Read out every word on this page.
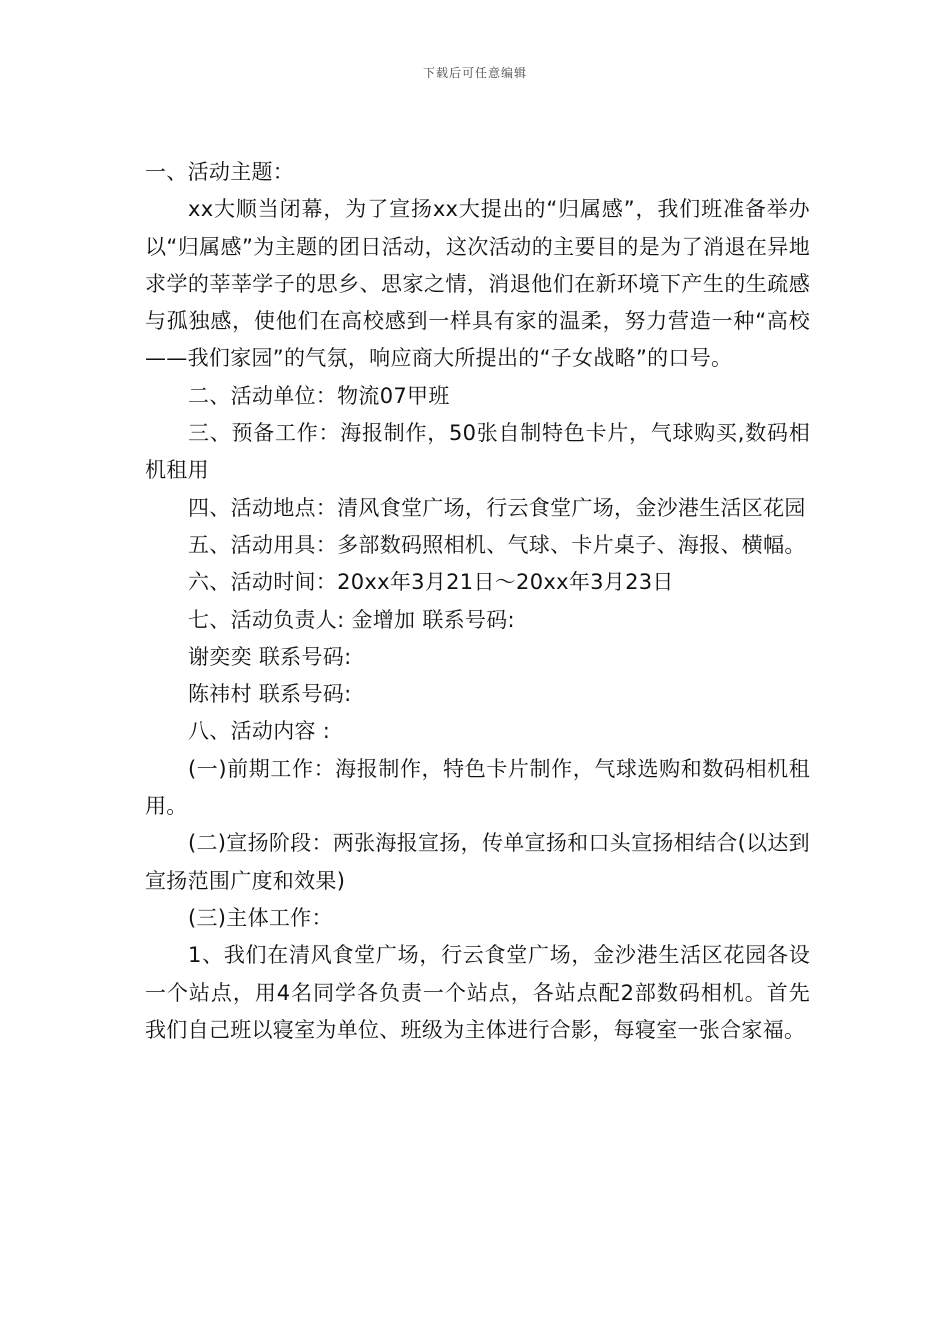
下载后可任意编辑

一、活动主题：

xx大顺当闭幕，为了宣扬xx大提出的“归属感”，我们班准备举办以“归属感”为主题的团日活动，这次活动的主要目的是为了消退在异地求学的莘莘学子的思乡、思家之情，消退他们在新环境下产生的生疏感与孤独感，使他们在高校感到一样具有家的温柔，努力营造一种“高校——我们家园”的气氛，响应商大所提出的“子女战略”的口号。

二、活动单位：物流07甲班

三、预备工作：海报制作，50张自制特色卡片，气球购买,数码相机租用

四、活动地点：清风食堂广场，行云食堂广场，金沙港生活区花园

五、活动用具：多部数码照相机、气球、卡片桌子、海报、横幅。

六、活动时间：20xx年3月21日～20xx年3月23日

七、活动负责人: 金增加 联系号码:

谢奕奕 联系号码:

陈祎村 联系号码:

八、活动内容 :

(一)前期工作：海报制作，特色卡片制作，气球选购和数码相机租用。

(二)宣扬阶段：两张海报宣扬，传单宣扬和口头宣扬相结合(以达到宣扬范围广度和效果)

(三)主体工作：

1、我们在清风食堂广场，行云食堂广场，金沙港生活区花园各设一个站点，用4名同学各负责一个站点，各站点配2部数码相机。首先我们自己班以寝室为单位、班级为主体进行合影，每寝室一张合家福。
